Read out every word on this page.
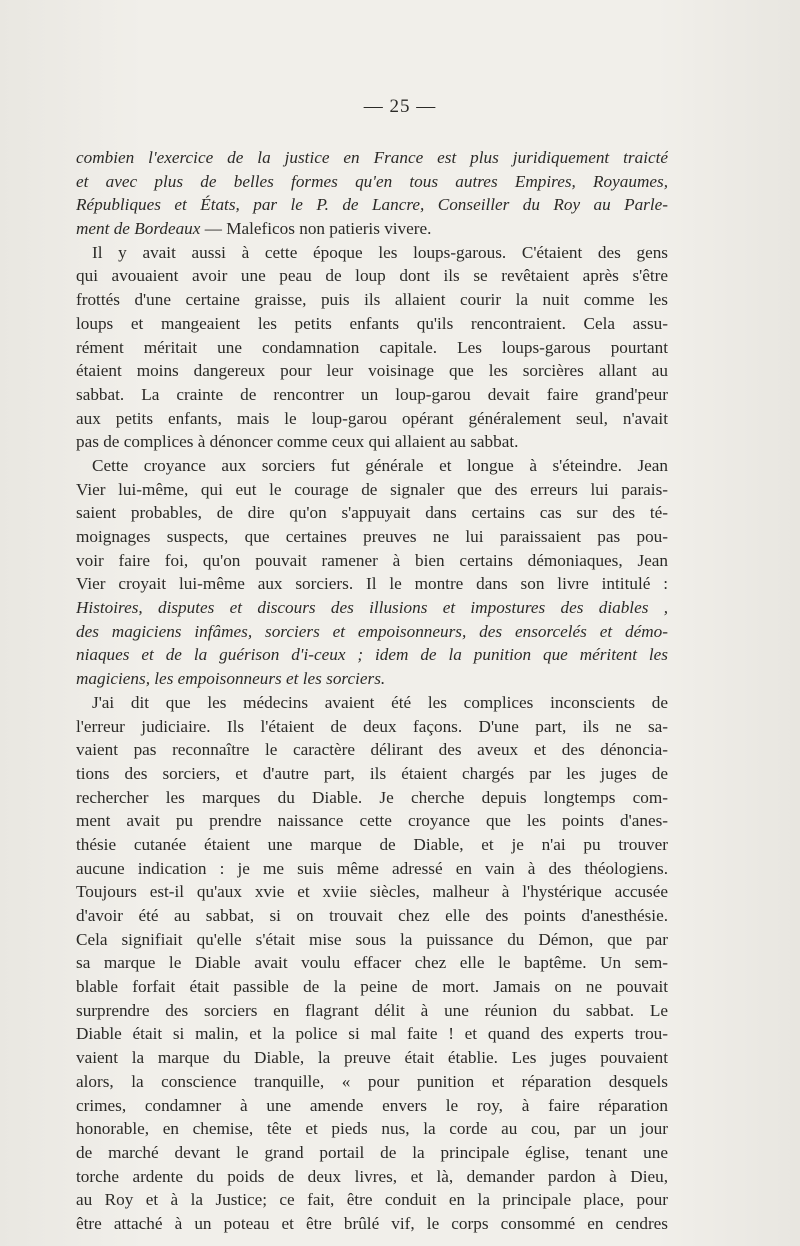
— 25 —
combien l'exercice de la justice en France est plus juridiquement traicté
et avec plus de belles formes qu'en tous autres Empires, Royaumes,
Républiques et États, par le P. de Lancre, Conseiller du Roy au Parle-
ment de Bordeaux — Maleficos non patieris vivere.
Il y avait aussi à cette époque les loups-garous. C'étaient des gens
qui avouaient avoir une peau de loup dont ils se revêtaient après s'être
frottés d'une certaine graisse, puis ils allaient courir la nuit comme les
loups et mangeaient les petits enfants qu'ils rencontraient. Cela assu-
rément méritait une condamnation capitale. Les loups-garous pourtant
étaient moins dangereux pour leur voisinage que les sorcières allant au
sabbat. La crainte de rencontrer un loup-garou devait faire grand'peur
aux petits enfants, mais le loup-garou opérant généralement seul, n'avait
pas de complices à dénoncer comme ceux qui allaient au sabbat.
Cette croyance aux sorciers fut générale et longue à s'éteindre. Jean
Vier lui-même, qui eut le courage de signaler que des erreurs lui parais-
saient probables, de dire qu'on s'appuyait dans certains cas sur des té-
moignages suspects, que certaines preuves ne lui paraissaient pas pou-
voir faire foi, qu'on pouvait ramener à bien certains démoniaques, Jean
Vier croyait lui-même aux sorciers. Il le montre dans son livre intitulé :
Histoires, disputes et discours des illusions et impostures des diables ,
des magiciens infâmes, sorciers et empoisonneurs, des ensorcelés et démo-
niaques et de la guérison d'i-ceux ; idem de la punition que méritent les
magiciens, les empoisonneurs et les sorciers.
J'ai dit que les médecins avaient été les complices inconscients de
l'erreur judiciaire. Ils l'étaient de deux façons. D'une part, ils ne sa-
vaient pas reconnaître le caractère délirant des aveux et des dénoncia-
tions des sorciers, et d'autre part, ils étaient chargés par les juges de
rechercher les marques du Diable. Je cherche depuis longtemps com-
ment avait pu prendre naissance cette croyance que les points d'anes-
thésie cutanée étaient une marque de Diable, et je n'ai pu trouver
aucune indication : je me suis même adressé en vain à des théologiens.
Toujours est-il qu'aux xvie et xviie siècles, malheur à l'hystérique accusée
d'avoir été au sabbat, si on trouvait chez elle des points d'anesthésie.
Cela signifiait qu'elle s'était mise sous la puissance du Démon, que par
sa marque le Diable avait voulu effacer chez elle le baptême. Un sem-
blable forfait était passible de la peine de mort. Jamais on ne pouvait
surprendre des sorciers en flagrant délit à une réunion du sabbat. Le
Diable était si malin, et la police si mal faite ! et quand des experts trou-
vaient la marque du Diable, la preuve était établie. Les juges pouvaient
alors, la conscience tranquille, « pour punition et réparation desquels
crimes, condamner à une amende envers le roy, à faire réparation
honorable, en chemise, tête et pieds nus, la corde au cou, par un jour
de marché devant le grand portail de la principale église, tenant une
torche ardente du poids de deux livres, et là, demander pardon à Dieu,
au Roy et à la Justice; ce fait, être conduit en la principale place, pour
être attaché à un poteau et être brûlé vif, le corps consommé en cendres
